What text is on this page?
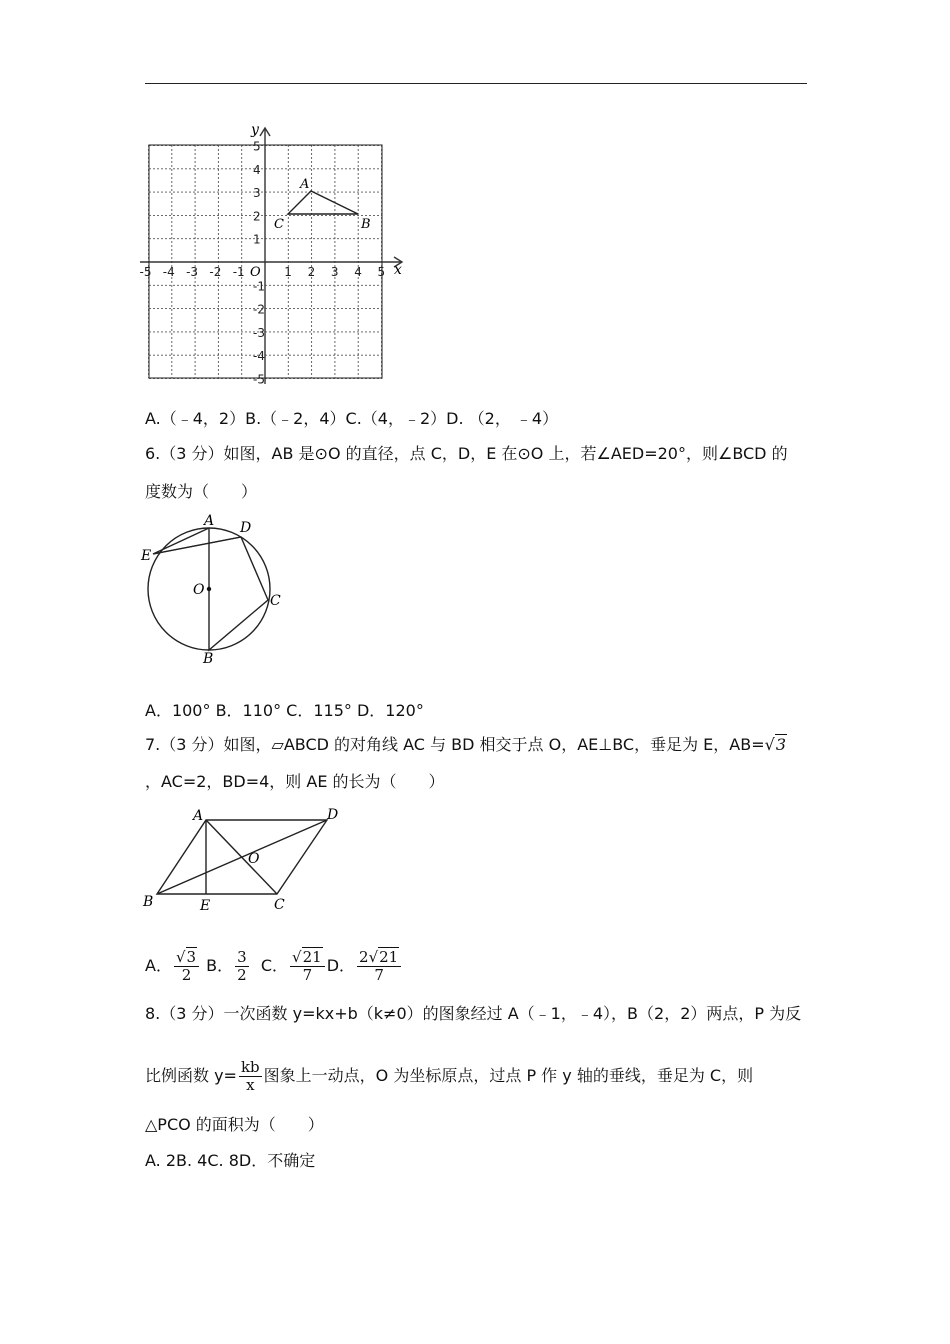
x
y
O
-5 -4 -3 -2 -1	1 2 3 4 5
5
4
3
2
1
-1
-2
-3
-4
-5
A
B
C
A.（﹣4，2）B.（﹣2，4）C.（4，﹣2）D. （2， ﹣4）
6.（3 分）如图，AB 是⊙O 的直径，点 C，D，E 在⊙O 上，若∠AED=20°，则∠BCD 的
度数为（　　）
A D
E
O
C
B
A．100° B．110° C．115° D．120°
7.（3 分）如图，▱ABCD 的对角线 AC 与 BD 相交于点 O，AE⊥BC，垂足为 E，AB=√3
，AC=2，BD=4，则 AE 的长为（　　）
A	D
O
B	E	C
A． $\frac{√3}{2}$ B． $\frac{3}{2}$ C． $\frac{√21}{7}$ D． $\frac{2√21}{7}$
8.（3 分）一次函数 y=kx+b（k≠0）的图象经过 A（﹣1，﹣4），B（2，2）两点，P 为反
比例函数 $y= \frac{kb}{x}$ 图象上一动点，O 为坐标原点，过点 P 作 y 轴的垂线，垂足为 C，则
△PCO 的面积为（　　）
A. 2B. 4C. 8D．不确定
